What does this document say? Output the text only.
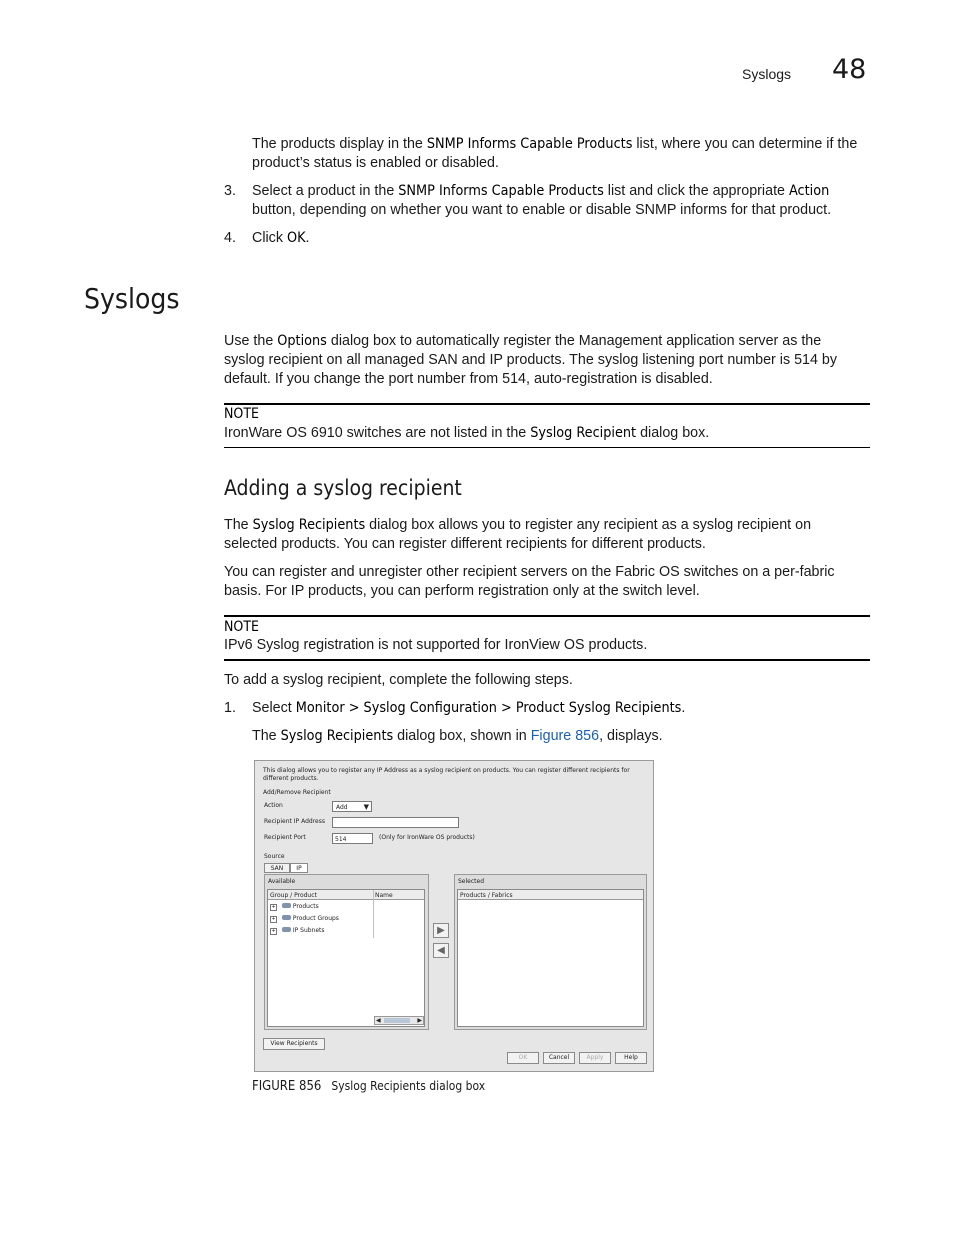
Syslogs 48

The products display in the SNMP Informs Capable Products list, where you can determine if the product’s status is enabled or disabled.

3. Select a product in the SNMP Informs Capable Products list and click the appropriate Action button, depending on whether you want to enable or disable SNMP informs for that product.

4. Click OK.

Syslogs

Use the Options dialog box to automatically register the Management application server as the syslog recipient on all managed SAN and IP products. The syslog listening port number is 514 by default. If you change the port number from 514, auto-registration is disabled.

NOTE

IronWare OS 6910 switches are not listed in the Syslog Recipient dialog box.

Adding a syslog recipient

The Syslog Recipients dialog box allows you to register any recipient as a syslog recipient on selected products. You can register different recipients for different products.

You can register and unregister other recipient servers on the Fabric OS switches on a per-fabric basis. For IP products, you can perform registration only at the switch level.

NOTE

IPv6 Syslog registration is not supported for IronView OS products.

To add a syslog recipient, complete the following steps.

1. Select Monitor > Syslog Configuration > Product Syslog Recipients.

The Syslog Recipients dialog box, shown in Figure 856, displays.

This dialog allows you to register any IP Address as a syslog recipient on products. You can register different recipients for different products.
Add/Remove Recipient
Action	Add ▼
Recipient IP Address
Recipient Port	514	(Only for IronWare OS products)
Source
SAN	IP
Available
Group / Product	Name
+	Products
+	Product Groups
+	IP Subnets
◀	▶
▶
◀
Selected
Products / Fabrics
View Recipients
OK	Cancel	Apply	Help
FIGURE 856 Syslog Recipients dialog box
